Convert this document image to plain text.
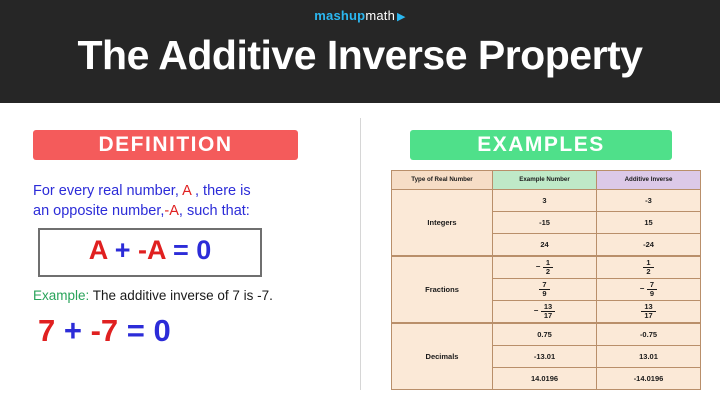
mashupmath ▶
The Additive Inverse Property
DEFINITION
For every real number, A , there is
an opposite number,-A, such that:
A + -A = 0
Example: The additive inverse of 7 is -7.
7 + -7 = 0
EXAMPLES
Type of Real Number	Example Number	Additive Inverse
Integers	3	-3
	-15	15
	24	-24
Fractions	– $\frac{1}{2}$	$\frac{1}{2}$

	$\frac{7}{9}$	– $\frac{7}{9}$

	– $\frac{13}{17}$	$\frac{13}{17}$

Decimals	0.75	-0.75
	-13.01	13.01
	14.0196	-14.0196
